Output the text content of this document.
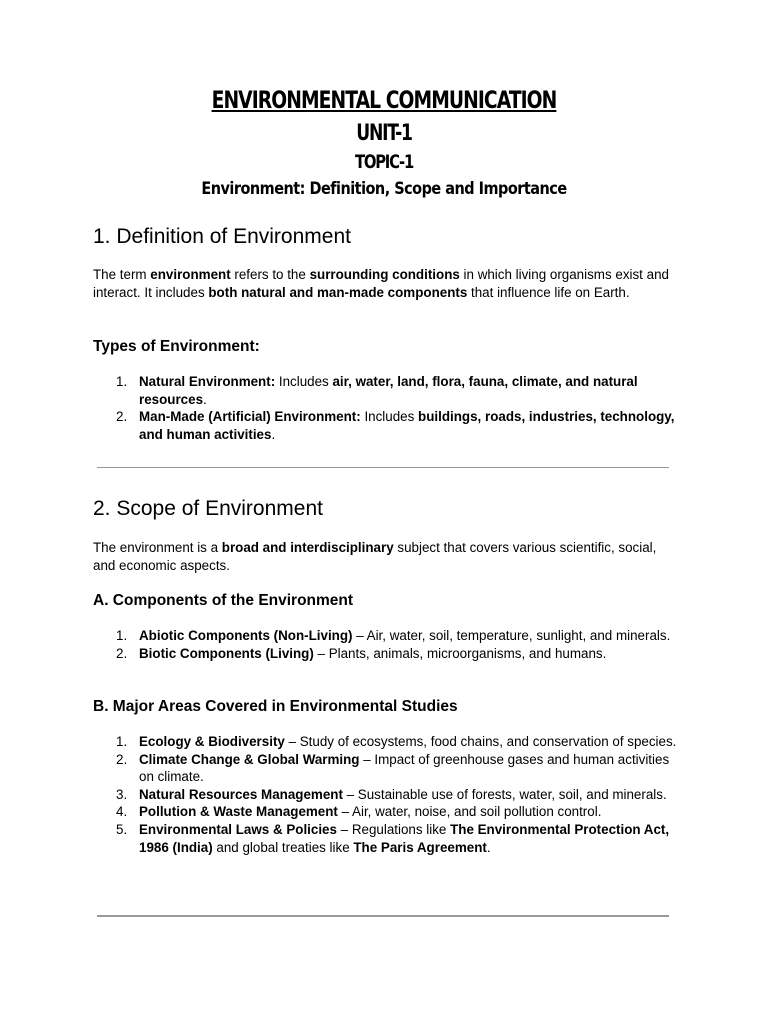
ENVIRONMENTAL COMMUNICATION
UNIT-1
TOPIC-1
Environment: Definition, Scope and Importance
1. Definition of Environment

The term environment refers to the surrounding conditions in which living organisms exist and interact. It includes both natural and man-made components that influence life on Earth.

Types of Environment:
1. Natural Environment: Includes air, water, land, flora, fauna, climate, and natural resources.
2. Man-Made (Artificial) Environment: Includes buildings, roads, industries, technology, and human activities.
2. Scope of Environment

The environment is a broad and interdisciplinary subject that covers various scientific, social, and economic aspects.

A. Components of the Environment
1. Abiotic Components (Non-Living) – Air, water, soil, temperature, sunlight, and minerals.
2. Biotic Components (Living) – Plants, animals, microorganisms, and humans.
B. Major Areas Covered in Environmental Studies
1. Ecology & Biodiversity – Study of ecosystems, food chains, and conservation of species.
2. Climate Change & Global Warming – Impact of greenhouse gases and human activities on climate.
3. Natural Resources Management – Sustainable use of forests, water, soil, and minerals.
4. Pollution & Waste Management – Air, water, noise, and soil pollution control.
5. Environmental Laws & Policies – Regulations like The Environmental Protection Act, 1986 (India) and global treaties like The Paris Agreement.
